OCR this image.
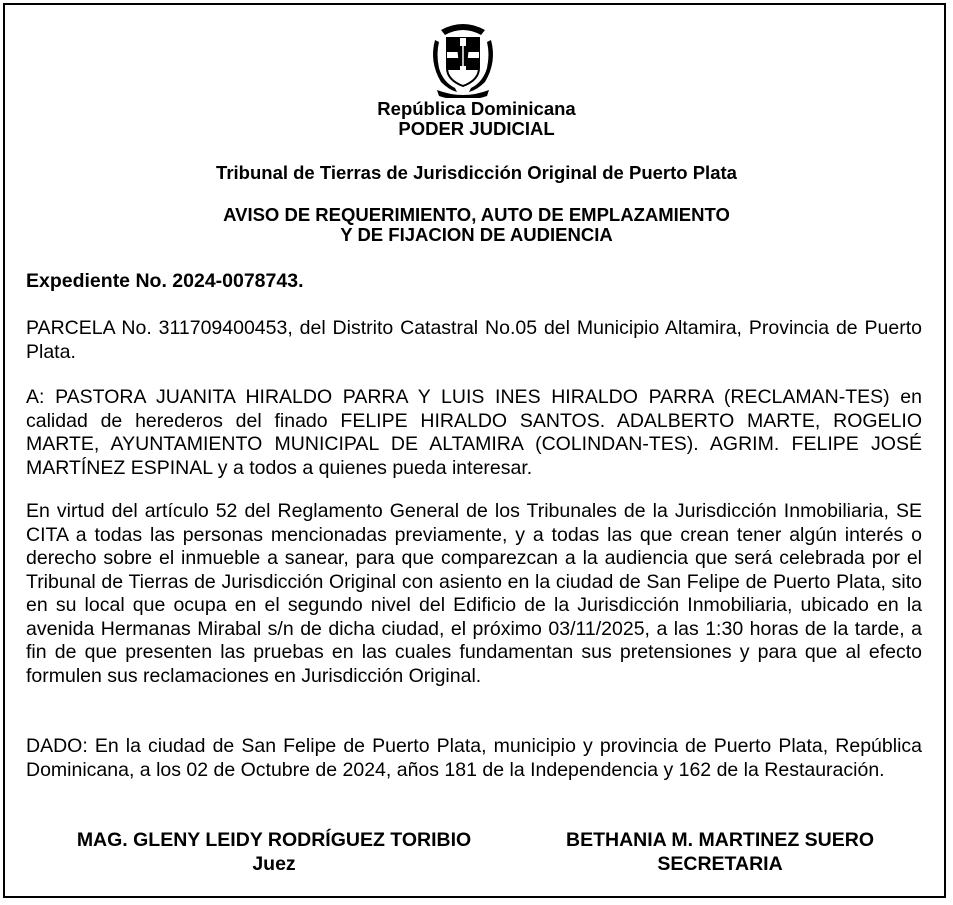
República Dominicana
PODER JUDICIAL
Tribunal de Tierras de Jurisdicción Original de Puerto Plata
AVISO DE REQUERIMIENTO, AUTO DE EMPLAZAMIENTO
Y DE FIJACION DE AUDIENCIA
Expediente No. 2024-0078743.
PARCELA No. 311709400453, del Distrito Catastral No.05 del Municipio Altamira, Provincia de Puerto Plata.
A: PASTORA JUANITA HIRALDO PARRA Y LUIS INES HIRALDO PARRA (RECLAMAN-TES) en calidad de herederos del finado FELIPE HIRALDO SANTOS. ADALBERTO MARTE, ROGELIO MARTE, AYUNTAMIENTO MUNICIPAL DE ALTAMIRA (COLINDAN-TES). AGRIM. FELIPE JOSÉ MARTÍNEZ ESPINAL y a todos a quienes pueda interesar.
En virtud del artículo 52 del Reglamento General de los Tribunales de la Jurisdicción Inmobiliaria, SE CITA a todas las personas mencionadas previamente, y a todas las que crean tener algún interés o derecho sobre el inmueble a sanear, para que comparezcan a la audiencia que será celebrada por el Tribunal de Tierras de Jurisdicción Original con asiento en la ciudad de San Felipe de Puerto Plata, sito en su local que ocupa en el segundo nivel del Edificio de la Jurisdicción Inmobiliaria, ubicado en la avenida Hermanas Mirabal s/n de dicha ciudad, el próximo 03/11/2025, a las 1:30 horas de la tarde, a fin de que presenten las pruebas en las cuales fundamentan sus pretensiones y para que al efecto formulen sus reclamaciones en Jurisdicción Original.
DADO: En la ciudad de San Felipe de Puerto Plata, municipio y provincia de Puerto Plata, República Dominicana, a los 02 de Octubre de 2024, años 181 de la Independencia y 162 de la Restauración.
MAG. GLENY LEIDY RODRÍGUEZ TORIBIO
Juez
BETHANIA M. MARTINEZ SUERO
SECRETARIA
